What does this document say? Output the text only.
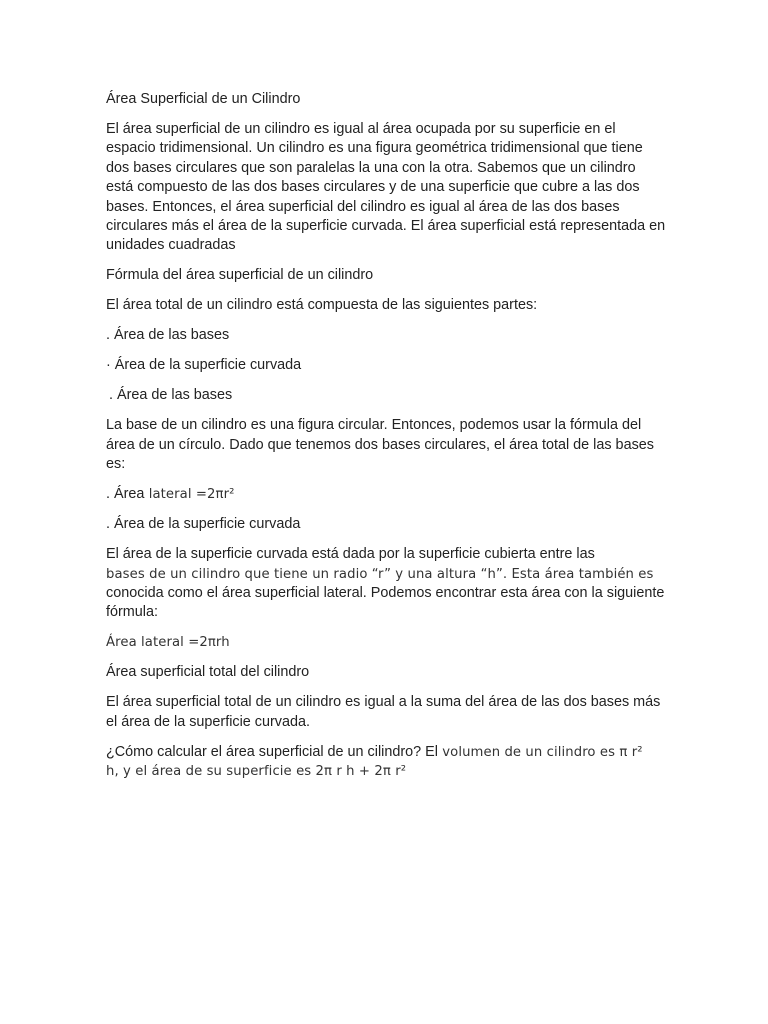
Área Superficial de un Cilindro

El área superficial de un cilindro es igual al área ocupada por su superficie en el espacio tridimensional. Un cilindro es una figura geométrica tridimensional que tiene dos bases circulares que son paralelas la una con la otra. Sabemos que un cilindro está compuesto de las dos bases circulares y de una superficie que cubre a las dos bases. Entonces, el área superficial del cilindro es igual al área de las dos bases circulares más el área de la superficie curvada. El área superficial está representada en unidades cuadradas

Fórmula del área superficial de un cilindro

El área total de un cilindro está compuesta de las siguientes partes:

. Área de las bases

· Área de la superficie curvada

. Área de las bases

La base de un cilindro es una figura circular. Entonces, podemos usar la fórmula del área de un círculo. Dado que tenemos dos bases circulares, el área total de las bases es:

. Área lateral =2πr²

. Área de la superficie curvada

El área de la superficie curvada está dada por la superficie cubierta entre las
bases de un cilindro que tiene un radio “r” y una altura “h”. Esta área también es
conocida como el área superficial lateral. Podemos encontrar esta área con la siguiente fórmula:

Área lateral =2πrh

Área superficial total del cilindro

El área superficial total de un cilindro es igual a la suma del área de las dos bases más el área de la superficie curvada.

¿Cómo calcular el área superficial de un cilindro? El volumen de un cilindro es π r²
h, y el área de su superficie es 2π r h + 2π r²
